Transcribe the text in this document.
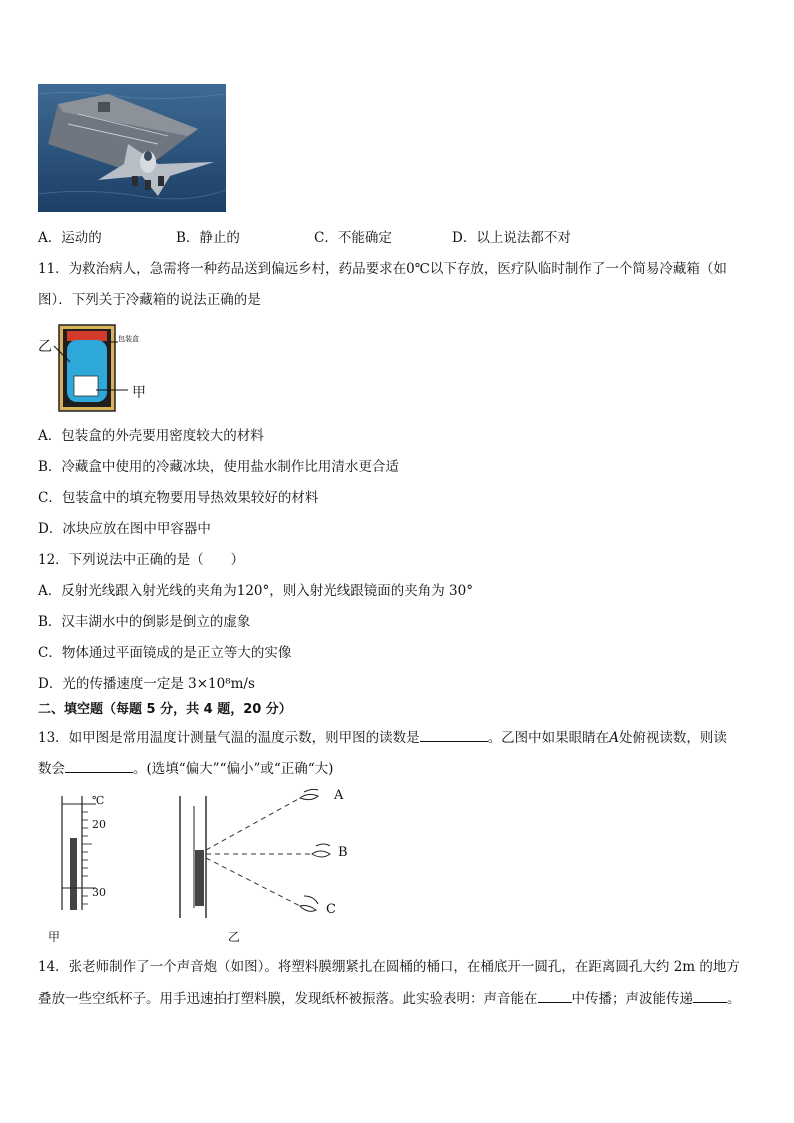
A．运动的	B．静止的	C．不能确定	D．以上说法都不对
11．为救治病人，急需将一种药品送到偏远乡村，药品要求在0℃以下存放，医疗队临时制作了一个简易冷藏箱（如
图）．下列关于冷藏箱的说法正确的是
乙	包装盒
甲
A．包装盒的外壳要用密度较大的材料
B．冷藏盒中使用的冷藏冰块，使用盐水制作比用清水更合适
C．包装盒中的填充物要用导热效果较好的材料
D．冰块应放在图中甲容器中
12．下列说法中正确的是（　　）
A．反射光线跟入射光线的夹角为120°，则入射光线跟镜面的夹角为 30°
B．汉丰湖水中的倒影是倒立的虚象
C．物体通过平面镜成的是正立等大的实像
D．光的传播速度一定是 3×10⁸m/s
二、填空题（每题 5 分，共 4 题，20 分）
13．如甲图是常用温度计测量气温的温度示数，则甲图的读数是	。乙图中如果眼睛在A处俯视读数，则读
数会	。(选填“偏大”“偏小”或“正确“大)
℃
20
30
甲	乙
A
B
C
14．张老师制作了一个声音炮（如图）。将塑料膜绷紧扎在圆桶的桶口，在桶底开一圆孔，在距离圆孔大约 2m 的地方
叠放一些空纸杯子。用手迅速拍打塑料膜，发现纸杯被振落。此实验表明：声音能在	中传播；声波能传递	。
